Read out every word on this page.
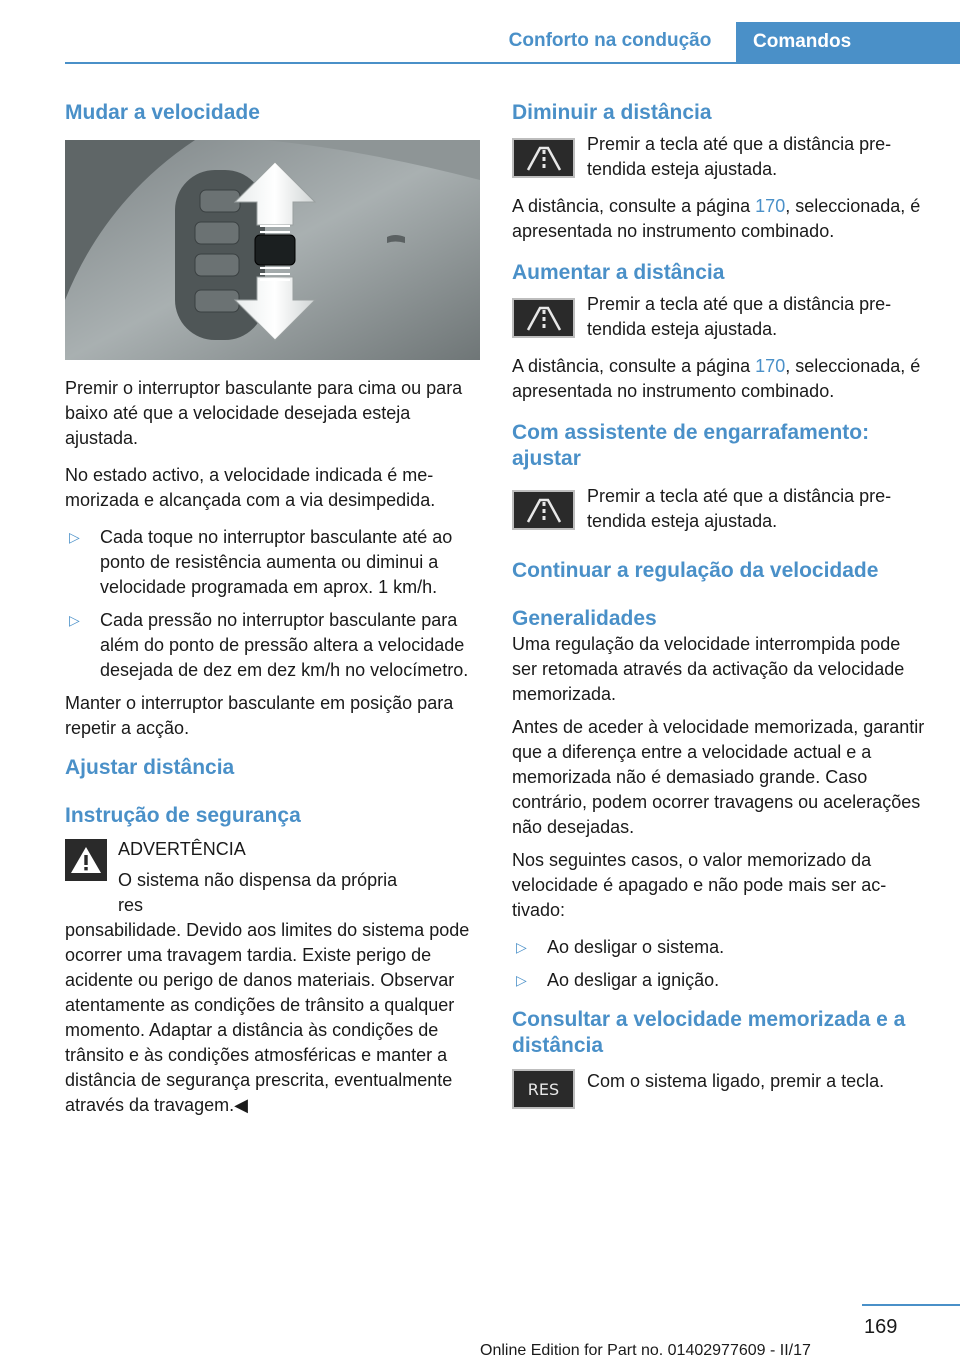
Conforto na condução	Comandos
Mudar a velocidade

Premir o interruptor basculante para cima ou para baixo até que a velocidade desejada esteja ajustada.

No estado activo, a velocidade indicada é memorizada e alcançada com a via desimpedida.

▷ Cada toque no interruptor basculante até ao ponto de resistência aumenta ou diminui a velocidade programada em aprox. 1 km/h.
▷ Cada pressão no interruptor basculante para além do ponto de pressão altera a velocidade desejada de dez em dez km/h no velocímetro.

Manter o interruptor basculante em posição para repetir a acção.

Ajustar distância
Instrução de segurança

ADVERTÊNCIA

O sistema não dispensa da própria res

ponsabilidade. Devido aos limites do sistema pode ocorrer uma travagem tardia. Existe perigo de acidente ou perigo de danos materiais. Observar atentamente as condições de trânsito a qualquer momento. Adaptar a distância às condições de trânsito e às condições atmosféricas e manter a distância de segurança prescrita, eventualmente através da travagem.◀

Diminuir a distância

Premir a tecla até que a distância pretendida esteja ajustada.

A distância, consulte a página 170, seleccionada, é apresentada no instrumento combinado.

Aumentar a distância

Premir a tecla até que a distância pretendida esteja ajustada.

A distância, consulte a página 170, seleccionada, é apresentada no instrumento combinado.

Com assistente de engarrafamento: ajustar

Premir a tecla até que a distância pretendida esteja ajustada.

Continuar a regulação da velocidade
Generalidades

Uma regulação da velocidade interrompida pode ser retomada através da activação da velocidade memorizada.

Antes de aceder à velocidade memorizada, garantir que a diferença entre a velocidade actual e a memorizada não é demasiado grande. Caso contrário, podem ocorrer travagens ou acelerações não desejadas.

Nos seguintes casos, o valor memorizado da velocidade é apagado e não pode mais ser activado:

▷ Ao desligar o sistema.
▷ Ao desligar a ignição.
Consultar a velocidade memorizada e a distância
RES Com o sistema ligado, premir a tecla.

169
Online Edition for Part no. 01402977609 - II/17
